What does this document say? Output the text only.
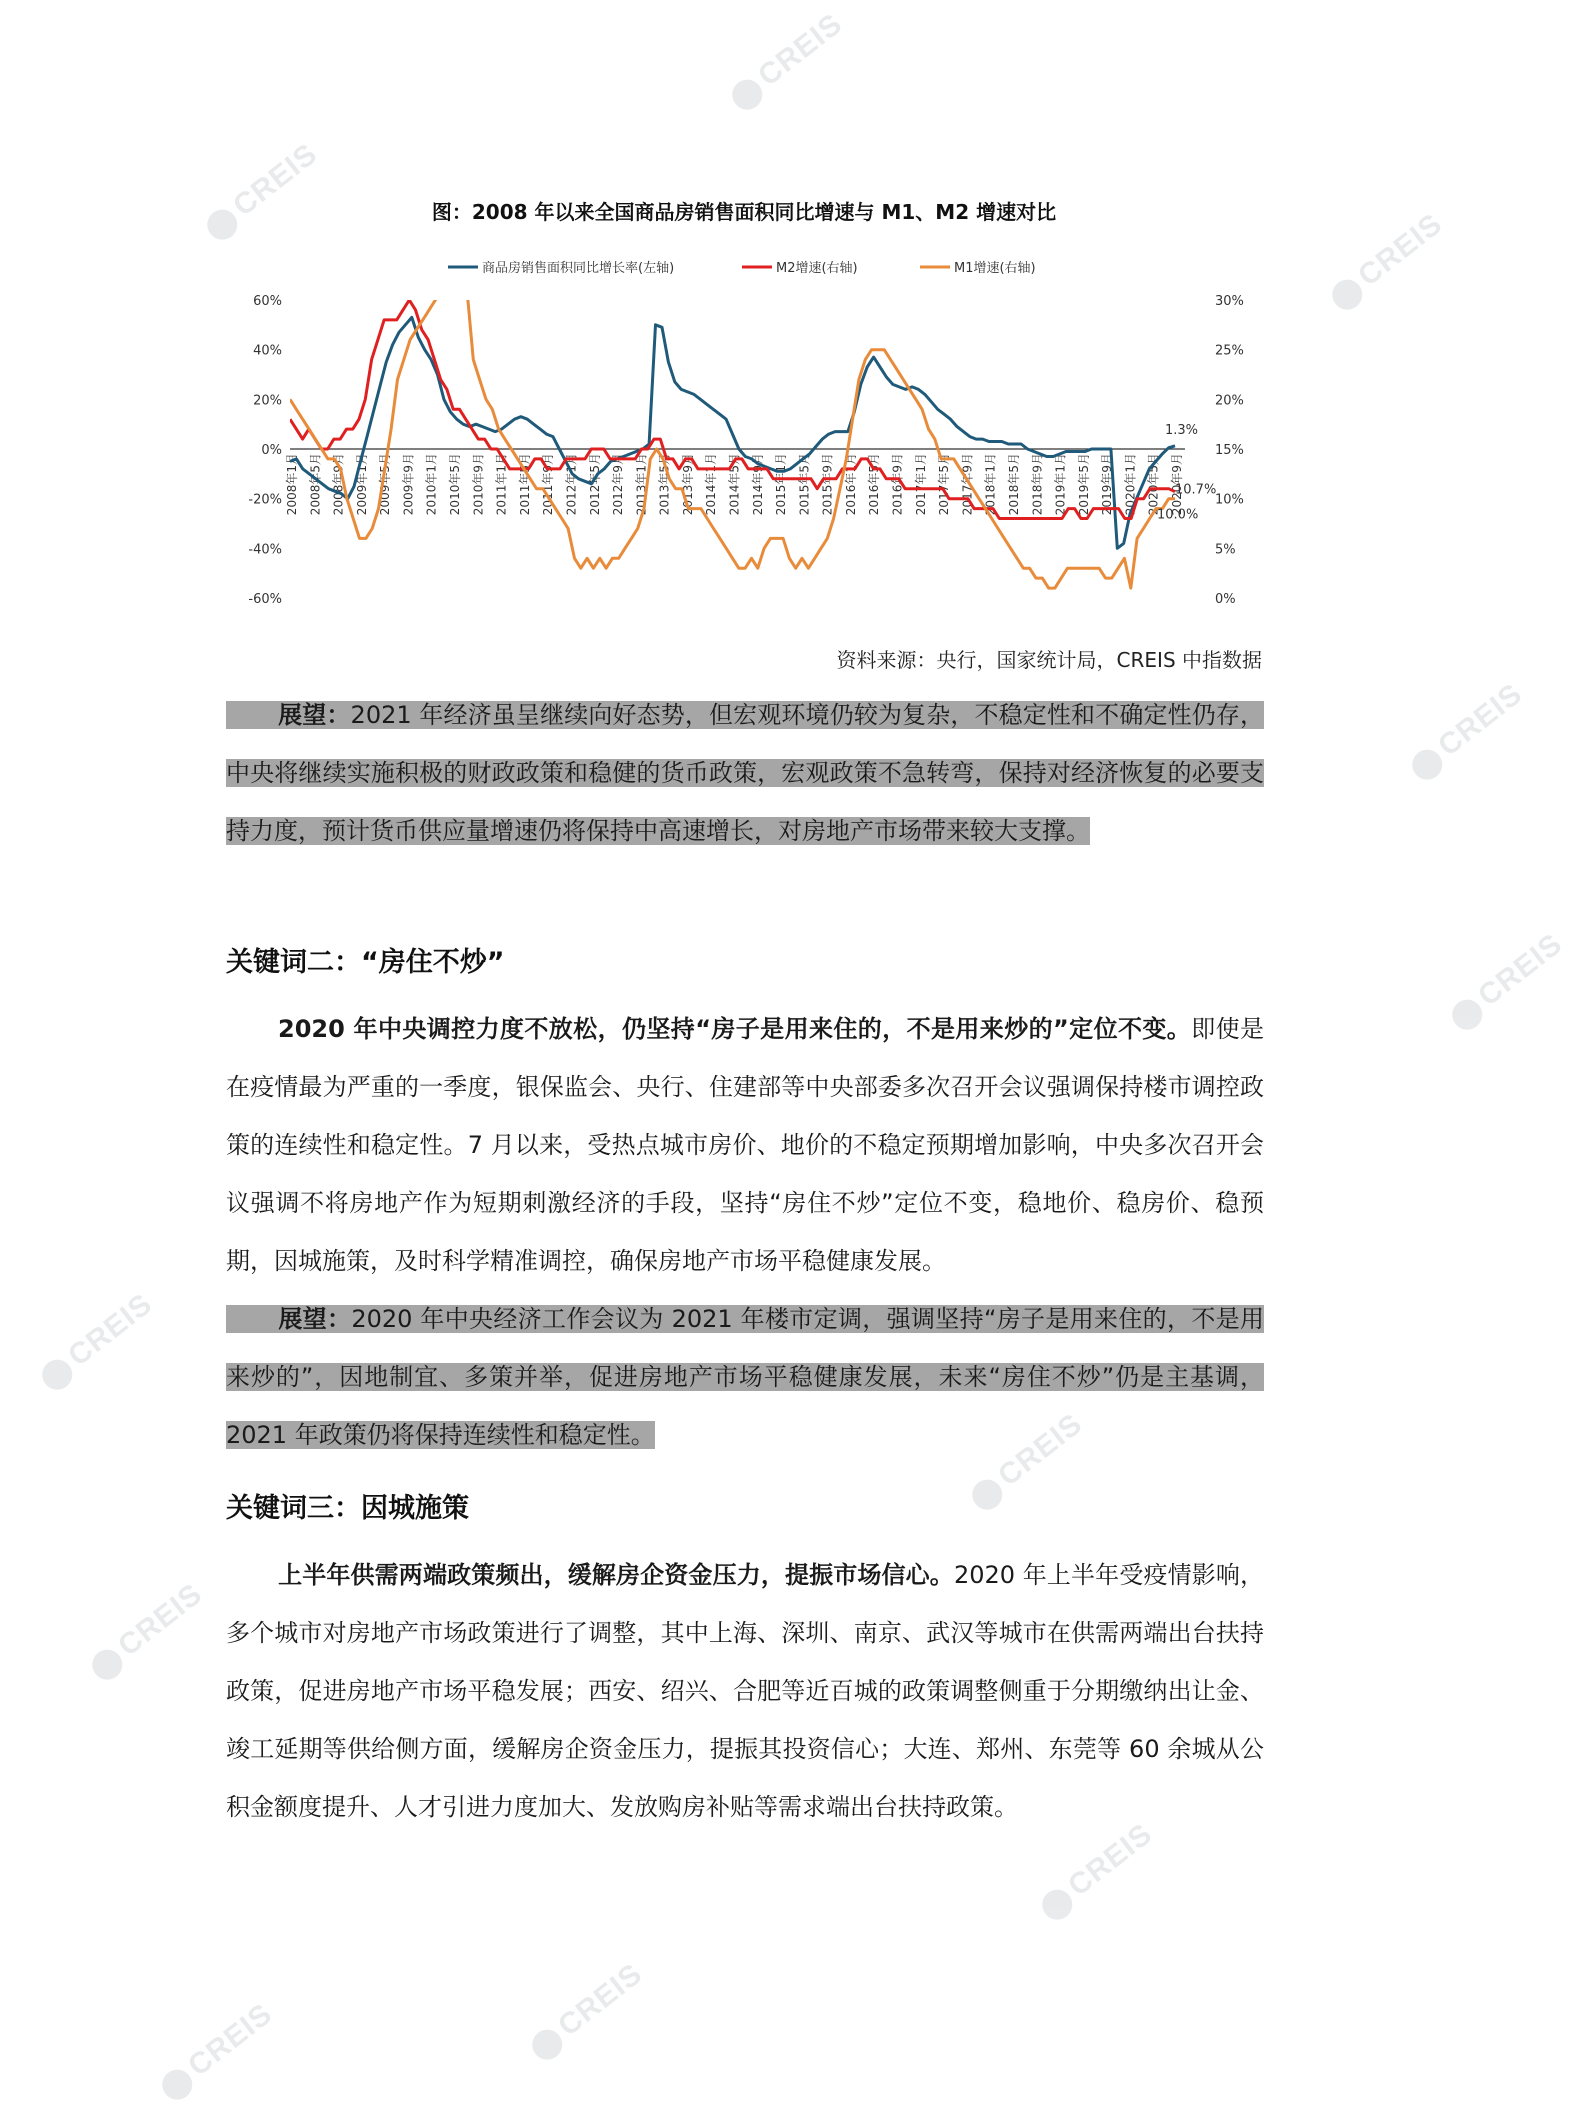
CREIS
CREIS
CREIS
CREIS
CREIS
CREIS
CREIS
CREIS
CREIS
CREIS
CREIS
图：2008 年以来全国商品房销售面积同比增速与 M1、M2 增速对比
商品房销售面积同比增长率(左轴)	M2增速(右轴)	M1增速(右轴)
60%
40%
20%
0%
-20%
-40%
-60%
30%
25%
20%
15%
10%
5%
0%
2008年1月 2008年5月 2008年9月 2009年1月 2009年5月 2009年9月 2010年1月 2010年5月 2010年9月 2011年1月 2011年5月 2011年9月 2012年1月 2012年5月 2012年9月 2013年1月 2013年5月 2013年9月 2014年1月 2014年5月 2014年9月 2015年1月 2015年5月 2015年9月 2016年1月 2016年5月 2016年9月 2017年1月 2017年5月 2017年9月 2018年1月 2018年5月 2018年9月 2019年1月 2019年5月 2019年9月 2020年1月 2020年5月 2020年9月
1.3%
10.7%
10.0%
资料来源：央行，国家统计局，CREIS 中指数据
展望：2021 年经济虽呈继续向好态势，但宏观环境仍较为复杂，不稳定性和不确定性仍存，中央将继续实施积极的财政政策和稳健的货币政策，宏观政策不急转弯，保持对经济恢复的必要支持力度，预计货币供应量增速仍将保持中高速增长，对房地产市场带来较大支撑。
关键词二：“房住不炒”
2020 年中央调控力度不放松，仍坚持“房子是用来住的，不是用来炒的”定位不变。即使是在疫情最为严重的一季度，银保监会、央行、住建部等中央部委多次召开会议强调保持楼市调控政策的连续性和稳定性。7 月以来，受热点城市房价、地价的不稳定预期增加影响，中央多次召开会议强调不将房地产作为短期刺激经济的手段，坚持“房住不炒”定位不变，稳地价、稳房价、稳预期，因城施策，及时科学精准调控，确保房地产市场平稳健康发展。
展望：2020 年中央经济工作会议为 2021 年楼市定调，强调坚持“房子是用来住的，不是用来炒的”，因地制宜、多策并举，促进房地产市场平稳健康发展，未来“房住不炒”仍是主基调，2021 年政策仍将保持连续性和稳定性。
关键词三：因城施策
上半年供需两端政策频出，缓解房企资金压力，提振市场信心。2020 年上半年受疫情影响，多个城市对房地产市场政策进行了调整，其中上海、深圳、南京、武汉等城市在供需两端出台扶持政策，促进房地产市场平稳发展；西安、绍兴、合肥等近百城的政策调整侧重于分期缴纳出让金、竣工延期等供给侧方面，缓解房企资金压力，提振其投资信心；大连、郑州、东莞等 60 余城从公积金额度提升、人才引进力度加大、发放购房补贴等需求端出台扶持政策。
